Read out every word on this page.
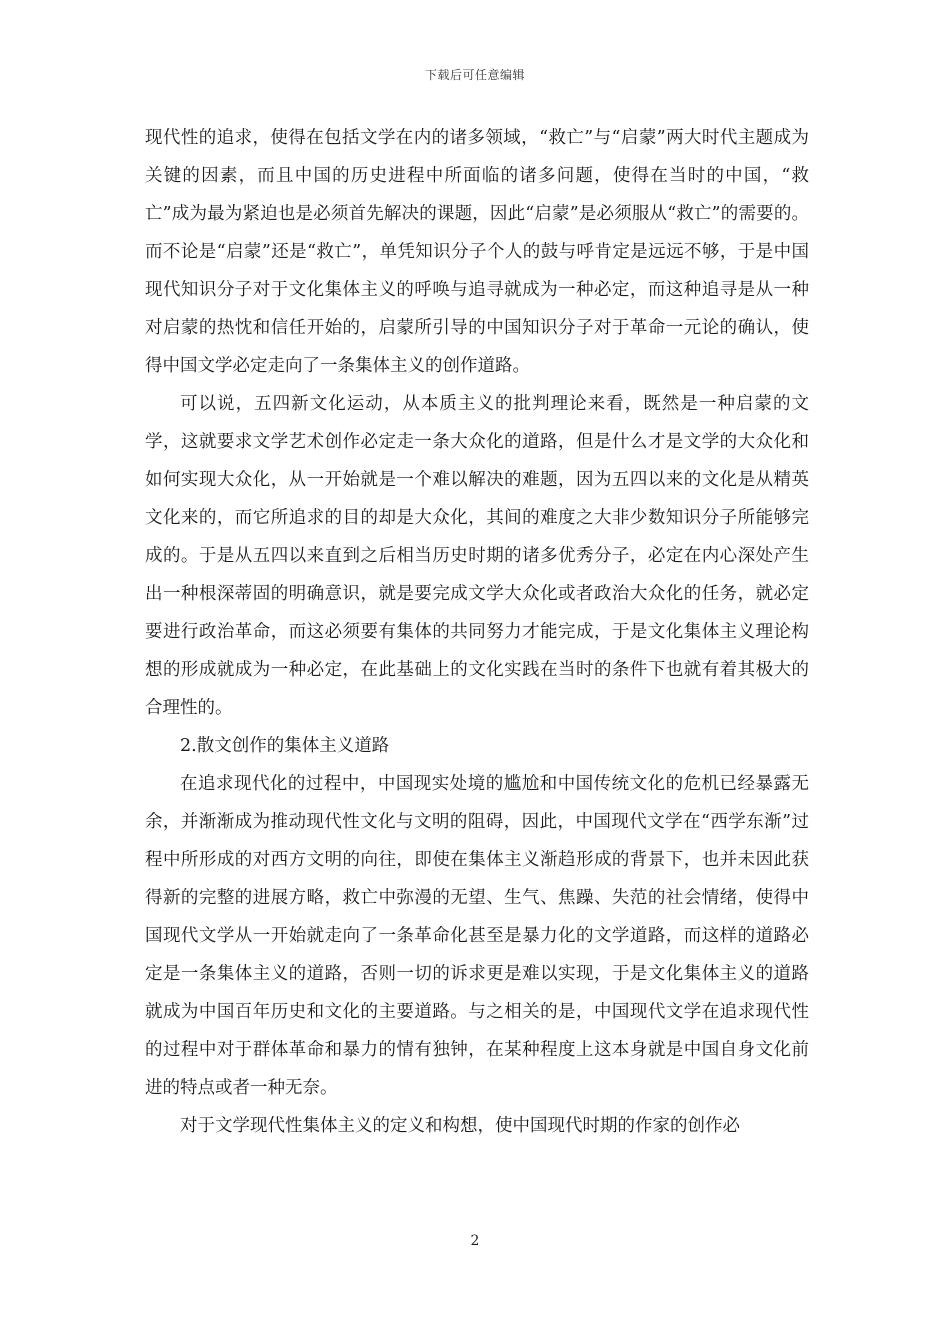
下载后可任意编辑

现代性的追求，使得在包括文学在内的诸多领域，“救亡”与“启蒙”两大时代主题成为关键的因素，而且中国的历史进程中所面临的诸多问题，使得在当时的中国，“救亡”成为最为紧迫也是必须首先解决的课题，因此“启蒙”是必须服从“救亡”的需要的。而不论是“启蒙”还是“救亡”，单凭知识分子个人的鼓与呼肯定是远远不够，于是中国现代知识分子对于文化集体主义的呼唤与追寻就成为一种必定，而这种追寻是从一种对启蒙的热忱和信任开始的，启蒙所引导的中国知识分子对于革命一元论的确认，使得中国文学必定走向了一条集体主义的创作道路。

可以说，五四新文化运动，从本质主义的批判理论来看，既然是一种启蒙的文学，这就要求文学艺术创作必定走一条大众化的道路，但是什么才是文学的大众化和如何实现大众化，从一开始就是一个难以解决的难题，因为五四以来的文化是从精英文化来的，而它所追求的目的却是大众化，其间的难度之大非少数知识分子所能够完成的。于是从五四以来直到之后相当历史时期的诸多优秀分子，必定在内心深处产生出一种根深蒂固的明确意识，就是要完成文学大众化或者政治大众化的任务，就必定要进行政治革命，而这必须要有集体的共同努力才能完成，于是文化集体主义理论构想的形成就成为一种必定，在此基础上的文化实践在当时的条件下也就有着其极大的合理性的。

2.散文创作的集体主义道路

在追求现代化的过程中，中国现实处境的尴尬和中国传统文化的危机已经暴露无余，并渐渐成为推动现代性文化与文明的阻碍，因此，中国现代文学在“西学东渐”过程中所形成的对西方文明的向往，即使在集体主义渐趋形成的背景下，也并未因此获得新的完整的进展方略，救亡中弥漫的无望、生气、焦躁、失范的社会情绪，使得中国现代文学从一开始就走向了一条革命化甚至是暴力化的文学道路，而这样的道路必定是一条集体主义的道路，否则一切的诉求更是难以实现，于是文化集体主义的道路就成为中国百年历史和文化的主要道路。与之相关的是，中国现代文学在追求现代性的过程中对于群体革命和暴力的情有独钟，在某种程度上这本身就是中国自身文化前进的特点或者一种无奈。

对于文学现代性集体主义的定义和构想，使中国现代时期的作家的创作必

2
